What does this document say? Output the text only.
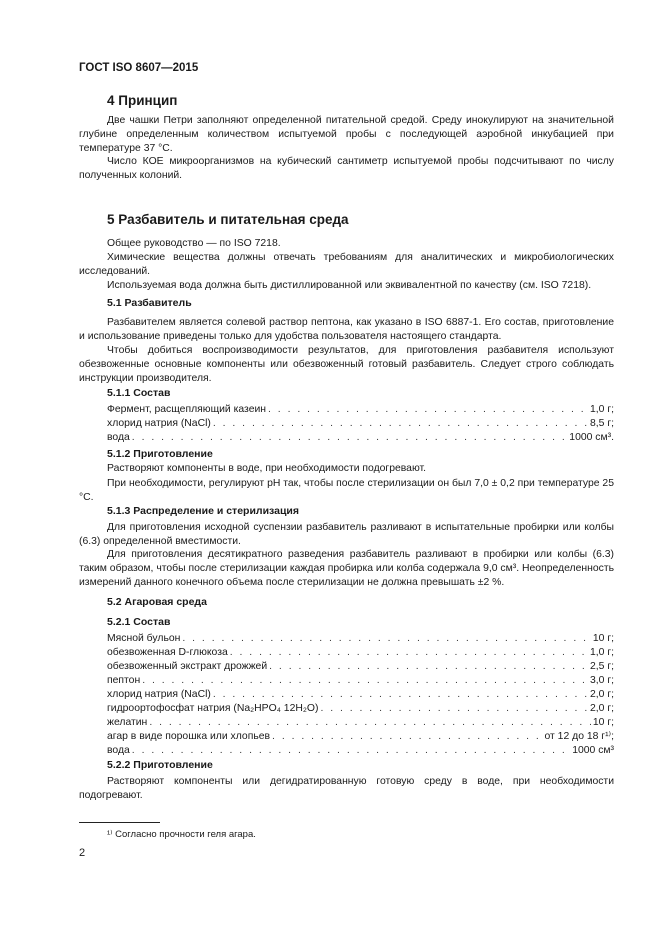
ГОСТ ISO 8607—2015
4 Принцип
Две чашки Петри заполняют определенной питательной средой. Среду инокулируют на значительной глубине определенным количеством испытуемой пробы с последующей аэробной инкубацией при температуре 37 °С.
Число КОЕ микроорганизмов на кубический сантиметр испытуемой пробы подсчитывают по числу полученных колоний.
5 Разбавитель и питательная среда
Общее руководство — по ISO 7218.
Химические вещества должны отвечать требованиям для аналитических и микробиологических исследований.
Используемая вода должна быть дистиллированной или эквивалентной по качеству (см. ISO 7218).
5.1 Разбавитель
Разбавителем является солевой раствор пептона, как указано в ISO 6887-1. Его состав, приготовление и использование приведены только для удобства пользователя настоящего стандарта.
Чтобы добиться воспроизводимости результатов, для приготовления разбавителя используют обезвоженные основные компоненты или обезвоженный готовый разбавитель. Следует строго соблюдать инструкции производителя.
5.1.1 Состав
Фермент, расщепляющий казеин . . .	1,0 г;
хлорид натрия (NaCl) . . .	8,5 г;
вода . . .	1000 см³.
5.1.2 Приготовление
Растворяют компоненты в воде, при необходимости подогревают.
При необходимости, регулируют рН так, чтобы после стерилизации он был 7,0 ± 0,2 при температуре 25 °С.
5.1.3 Распределение и стерилизация
Для приготовления исходной суспензии разбавитель разливают в испытательные пробирки или колбы (6.3) определенной вместимости.
Для приготовления десятикратного разведения разбавитель разливают в пробирки или колбы (6.3) таким образом, чтобы после стерилизации каждая пробирка или колба содержала 9,0 см³. Неопределенность измерений данного конечного объема после стерилизации не должна превышать ±2 %.
5.2 Агаровая среда
5.2.1 Состав
Мясной бульон . . .	10 г;
обезвоженная D-глюкоза . . .	1,0 г;
обезвоженный экстракт дрожжей . . .	2,5 г;
пептон . . .	3,0 г;
хлорид натрия (NaCl) . . .	2,0 г;
гидроортофосфат натрия (Na₂HPO₄ 12H₂O) . . .	2,0 г;
желатин . . .	10 г;
агар в виде порошка или хлопьев . . .	от 12 до 18 г¹⁾;
вода . . .	1000 см³
5.2.2 Приготовление
Растворяют компоненты или дегидратированную готовую среду в воде, при необходимости подогревают.
¹⁾ Согласно прочности геля агара.
2
